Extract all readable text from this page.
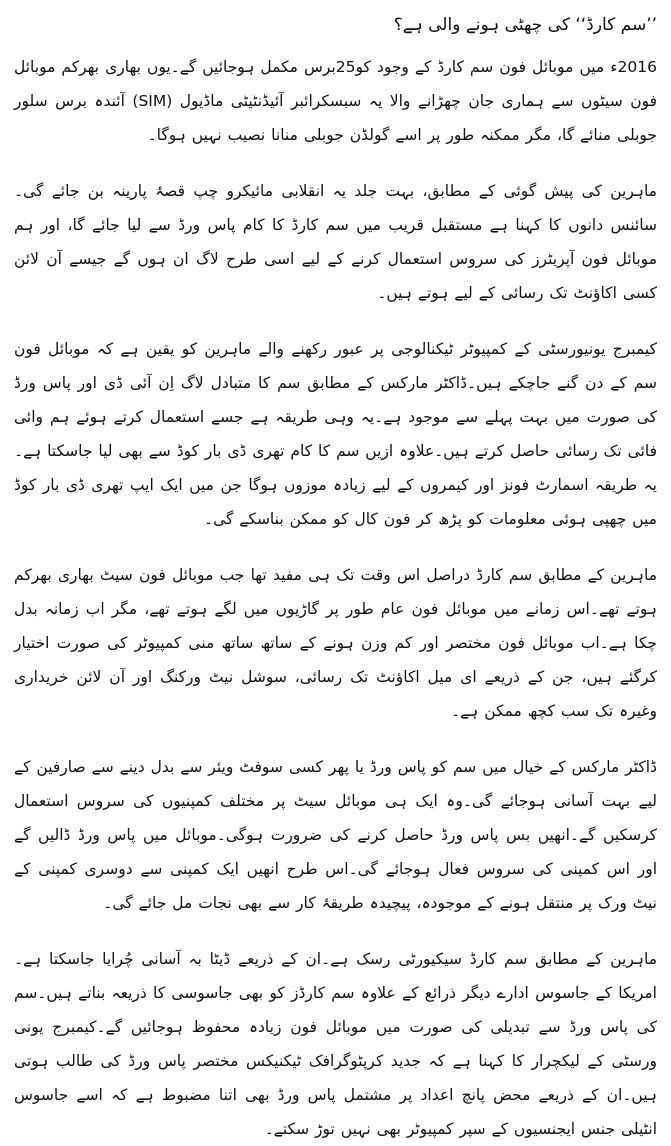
’’سم کارڈ‘‘ کی چھٹی ہونے والی ہے؟

2016ء میں موبائل فون سم کارڈ کے وجود کو25برس مکمل ہوجائیں گے۔یوں بھاری بھرکم موبائل فون سیٹوں سے ہماری جان چھڑانے والا یہ سبسکرائبر آئیڈنٹیٹی ماڈیول (SIM) آئندہ برس سلور جوبلی منائے گا، مگر ممکنہ طور پر اسے گولڈن جوبلی منانا نصیب نہیں ہوگا۔

ماہرین کی پیش گوئی کے مطابق، بہت جلد یہ انقلابی مائیکرو چپ قصۂ پارینہ بن جائے گی۔سائنس دانوں کا کہنا ہے مستقبل قریب میں سم کارڈ کا کام پاس ورڈ سے لیا جائے گا، اور ہم موبائل فون آپریٹرز کی سروس استعمال کرنے کے لیے اسی طرح لاگ ان ہوں گے جیسے آن لائن کسی اکاؤنٹ تک رسائی کے لیے ہوتے ہیں۔

کیمبرج یونیورسٹی کے کمپیوٹر ٹیکنالوجی پر عبور رکھنے والے ماہرین کو یقین ہے کہ موبائل فون سم کے دن گنے جاچکے ہیں۔ڈاکٹر مارکس کے مطابق سم کا متبادل لاگ اِن آئی ڈی اور پاس ورڈ کی صورت میں بہت پہلے سے موجود ہے۔یہ وہی طریقہ ہے جسے استعمال کرتے ہوئے ہم وائی فائی تک رسائی حاصل کرتے ہیں۔علاوہ ازیں سم کا کام تھری ڈی بار کوڈ سے بھی لیا جاسکتا ہے۔یہ طریقہ اسمارٹ فونز اور کیمروں کے لیے زیادہ موزوں ہوگا جن میں ایک ایپ تھری ڈی بار کوڈ میں چھپی ہوئی معلومات کو پڑھ کر فون کال کو ممکن بناسکے گی۔

ماہرین کے مطابق سم کارڈ دراصل اس وقت تک ہی مفید تھا جب موبائل فون سیٹ بھاری بھرکم ہوتے تھے۔اس زمانے میں موبائل فون عام طور پر گاڑیوں میں لگے ہوتے تھے، مگر اب زمانہ بدل چکا ہے۔اب موبائل فون مختصر اور کم وزن ہونے کے ساتھ ساتھ منی کمپیوٹر کی صورت اختیار کرگئے ہیں، جن کے ذریعے ای میل اکاؤنٹ تک رسائی، سوشل نیٹ ورکنگ اور آن لائن خریداری وغیرہ تک سب کچھ ممکن ہے۔

ڈاکٹر مارکس کے خیال میں سم کو پاس ورڈ یا پھر کسی سوفٹ ویئر سے بدل دینے سے صارفین کے لیے بہت آسانی ہوجائے گی۔وہ ایک ہی موبائل سیٹ پر مختلف کمپنیوں کی سروس استعمال کرسکیں گے۔انھیں بس پاس ورڈ حاصل کرنے کی ضرورت ہوگی۔موبائل میں پاس ورڈ ڈالیں گے اور اس کمپنی کی سروس فعال ہوجائے گی۔اس طرح انھیں ایک کمپنی سے دوسری کمپنی کے نیٹ ورک پر منتقل ہونے کے موجودہ، پیچیدہ طریقۂ کار سے بھی نجات مل جائے گی۔

ماہرین کے مطابق سم کارڈ سیکیورٹی رسک ہے۔ان کے ذریعے ڈیٹا بہ آسانی چُرایا جاسکتا ہے۔امریکا کے جاسوس ادارے دیگر ذرائع کے علاوہ سم کارڈز کو بھی جاسوسی کا ذریعہ بناتے ہیں۔سم کی پاس ورڈ سے تبدیلی کی صورت میں موبائل فون زیادہ محفوظ ہوجائیں گے۔کیمبرج یونی ورسٹی کے لیکچرار کا کہنا ہے کہ جدید کرپٹوگرافک ٹیکنیکس مختصر پاس ورڈ کی طالب ہوتی ہیں۔ان کے ذریعے محض پانچ اعداد پر مشتمل پاس ورڈ بھی اتنا مضبوط ہے کہ اسے جاسوس انٹیلی جنس ایجنسیوں کے سپر کمپیوٹر بھی نہیں توڑ سکتے۔
